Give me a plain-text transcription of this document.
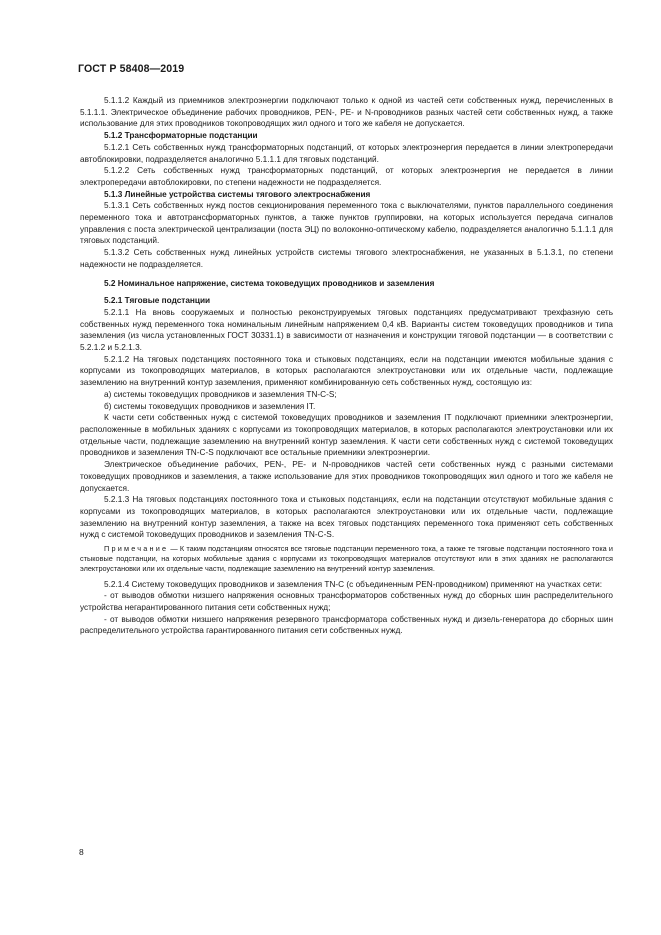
ГОСТ Р 58408—2019

5.1.1.2 Каждый из приемников электроэнергии подключают только к одной из частей сети собственных нужд, перечисленных в 5.1.1.1. Электрическое объединение рабочих проводников, PEN-, PE- и N-проводников разных частей сети собственных нужд, а также использование для этих проводников токопроводящих жил одного и того же кабеля не допускается.

5.1.2 Трансформаторные подстанции

5.1.2.1 Сеть собственных нужд трансформаторных подстанций, от которых электроэнергия передается в линии электропередачи автоблокировки, подразделяется аналогично 5.1.1.1 для тяговых подстанций.

5.1.2.2 Сеть собственных нужд трансформаторных подстанций, от которых электроэнергия не передается в линии электропередачи автоблокировки, по степени надежности не подразделяется.

5.1.3 Линейные устройства системы тягового электроснабжения

5.1.3.1 Сеть собственных нужд постов секционирования переменного тока с выключателями, пунктов параллельного соединения переменного тока и автотрансформаторных пунктов, а также пунктов группировки, на которых используется передача сигналов управления с поста электрической централизации (поста ЭЦ) по волоконно-оптическому кабелю, подразделяется аналогично 5.1.1.1 для тяговых подстанций.

5.1.3.2 Сеть собственных нужд линейных устройств системы тягового электроснабжения, не указанных в 5.1.3.1, по степени надежности не подразделяется.

5.2 Номинальное напряжение, система токоведущих проводников и заземления

5.2.1 Тяговые подстанции

5.2.1.1 На вновь сооружаемых и полностью реконструируемых тяговых подстанциях предусматривают трехфазную сеть собственных нужд переменного тока номинальным линейным напряжением 0,4 кВ. Варианты систем токоведущих проводников и типа заземления (из числа установленных ГОСТ 30331.1) в зависимости от назначения и конструкции тяговой подстанции — в соответствии с 5.2.1.2 и 5.2.1.3.

5.2.1.2 На тяговых подстанциях постоянного тока и стыковых подстанциях, если на подстанции имеются мобильные здания с корпусами из токопроводящих материалов, в которых располагаются электроустановки или их отдельные части, подлежащие заземлению на внутренний контур заземления, применяют комбинированную сеть собственных нужд, состоящую из:

а) системы токоведущих проводников и заземления TN-C-S;

б) системы токоведущих проводников и заземления IT.

К части сети собственных нужд с системой токоведущих проводников и заземления IT подключают приемники электроэнергии, расположенные в мобильных зданиях с корпусами из токопроводящих материалов, в которых располагаются электроустановки или их отдельные части, подлежащие заземлению на внутренний контур заземления. К части сети собственных нужд с системой токоведущих проводников и заземления TN-C-S подключают все остальные приемники электроэнергии.

Электрическое объединение рабочих, PEN-, PE- и N-проводников частей сети собственных нужд с разными системами токоведущих проводников и заземления, а также использование для этих проводников токопроводящих жил одного и того же кабеля не допускается.

5.2.1.3 На тяговых подстанциях постоянного тока и стыковых подстанциях, если на подстанции отсутствуют мобильные здания с корпусами из токопроводящих материалов, в которых располагаются электроустановки или их отдельные части, подлежащие заземлению на внутренний контур заземления, а также на всех тяговых подстанциях переменного тока применяют сеть собственных нужд с системой токоведущих проводников и заземления TN-C-S.

Примечание — К таким подстанциям относятся все тяговые подстанции переменного тока, а также те тяговые подстанции постоянного тока и стыковые подстанции, на которых мобильные здания с корпусами из токопроводящих материалов отсутствуют или в этих зданиях не располагаются электроустановки или их отдельные части, подлежащие заземлению на внутренний контур заземления.

5.2.1.4 Систему токоведущих проводников и заземления TN-C (с объединенным PEN-проводником) применяют на участках сети:

- от выводов обмотки низшего напряжения основных трансформаторов собственных нужд до сборных шин распределительного устройства негарантированного питания сети собственных нужд;

- от выводов обмотки низшего напряжения резервного трансформатора собственных нужд и дизель-генератора до сборных шин распределительного устройства гарантированного питания сети собственных нужд.

8
